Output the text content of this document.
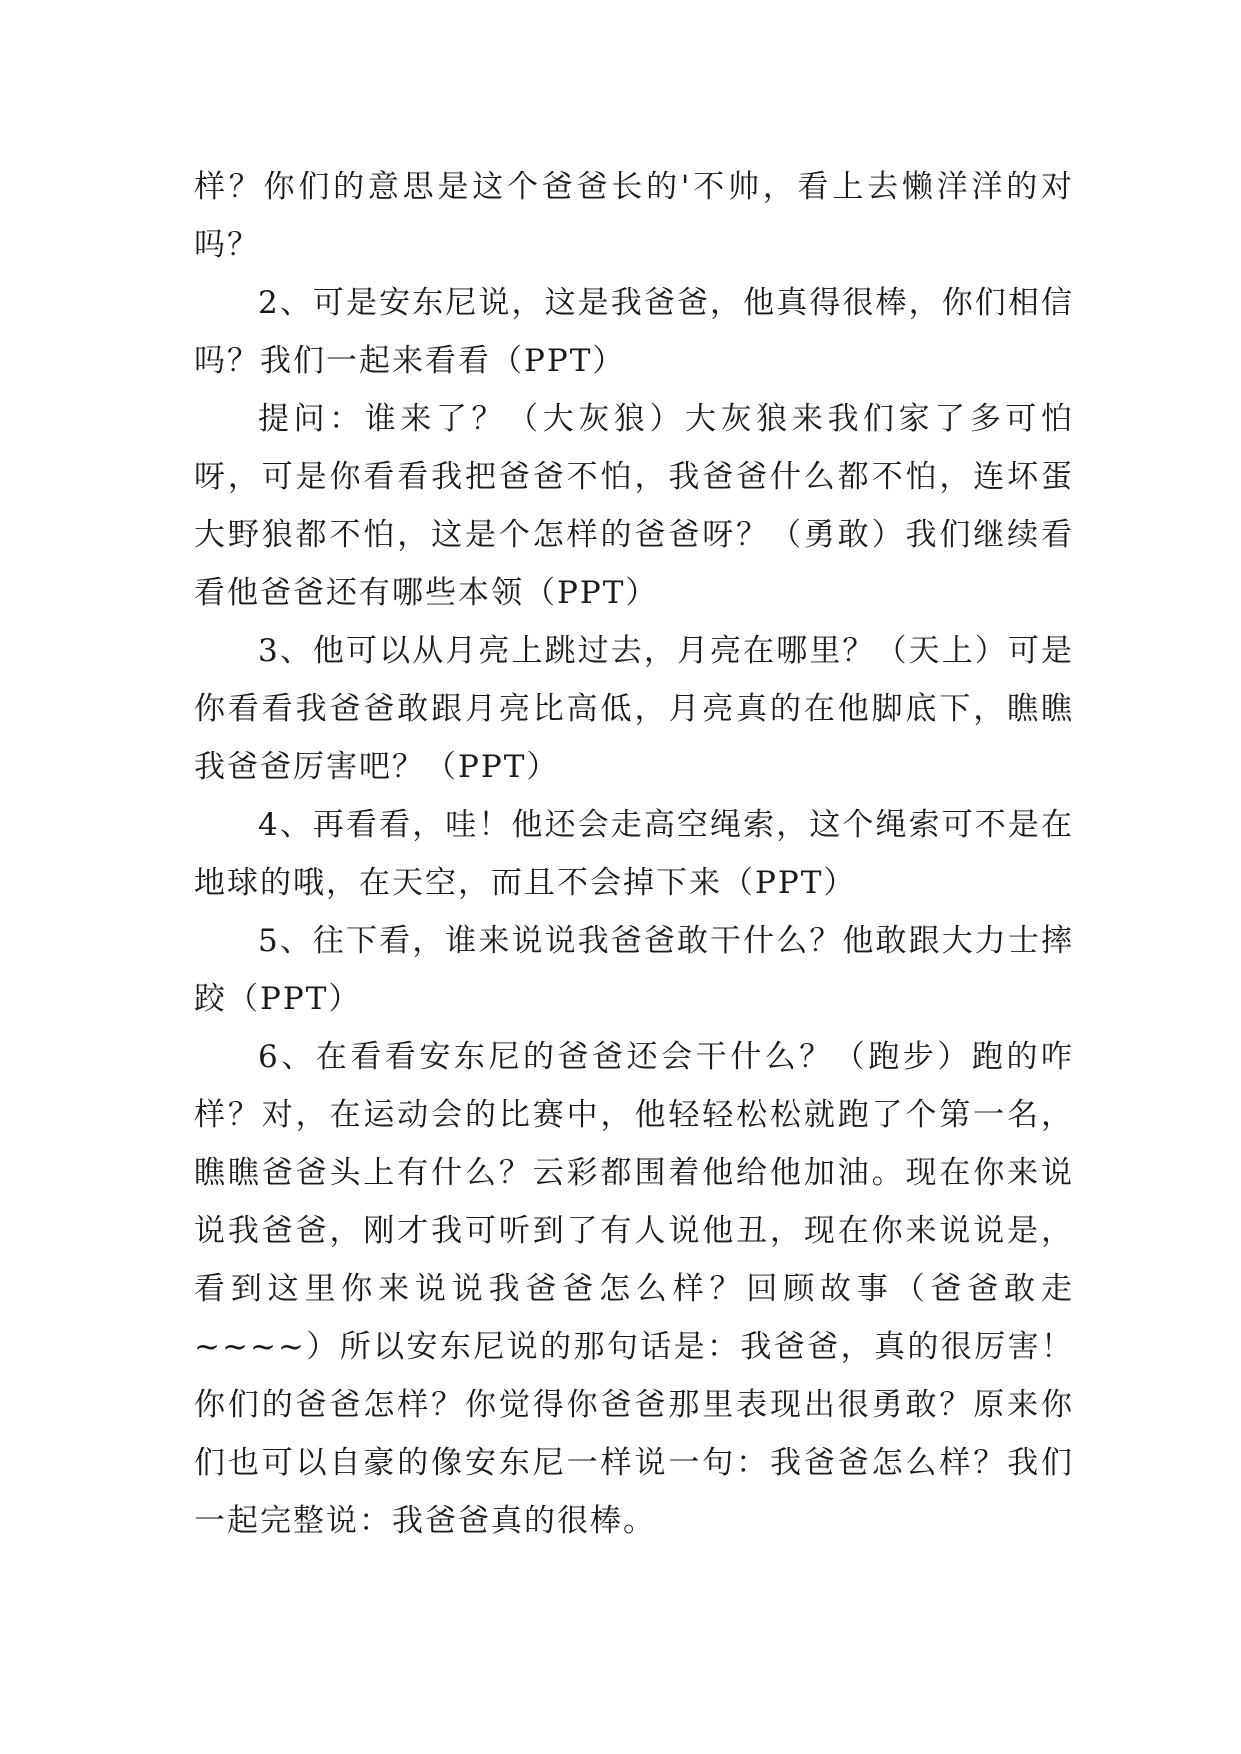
样？你们的意思是这个爸爸长的'不帅，看上去懒洋洋的对吗？

2、可是安东尼说，这是我爸爸，他真得很棒，你们相信吗？我们一起来看看（PPT）

提问：谁来了？（大灰狼）大灰狼来我们家了多可怕呀，可是你看看我把爸爸不怕，我爸爸什么都不怕，连坏蛋大野狼都不怕，这是个怎样的爸爸呀？（勇敢）我们继续看看他爸爸还有哪些本领（PPT）

3、他可以从月亮上跳过去，月亮在哪里？（天上）可是你看看我爸爸敢跟月亮比高低，月亮真的在他脚底下，瞧瞧我爸爸厉害吧？（PPT）

4、再看看，哇！他还会走高空绳索，这个绳索可不是在地球的哦，在天空，而且不会掉下来（PPT）

5、往下看，谁来说说我爸爸敢干什么？他敢跟大力士摔跤（PPT）

6、在看看安东尼的爸爸还会干什么？（跑步）跑的咋样？对，在运动会的比赛中，他轻轻松松就跑了个第一名，瞧瞧爸爸头上有什么？云彩都围着他给他加油。现在你来说说我爸爸，刚才我可听到了有人说他丑，现在你来说说是，看到这里你来说说我爸爸怎么样？回顾故事（爸爸敢走~~~~）所以安东尼说的那句话是：我爸爸，真的很厉害！你们的爸爸怎样？你觉得你爸爸那里表现出很勇敢？原来你们也可以自豪的像安东尼一样说一句：我爸爸怎么样？我们一起完整说：我爸爸真的很棒。
